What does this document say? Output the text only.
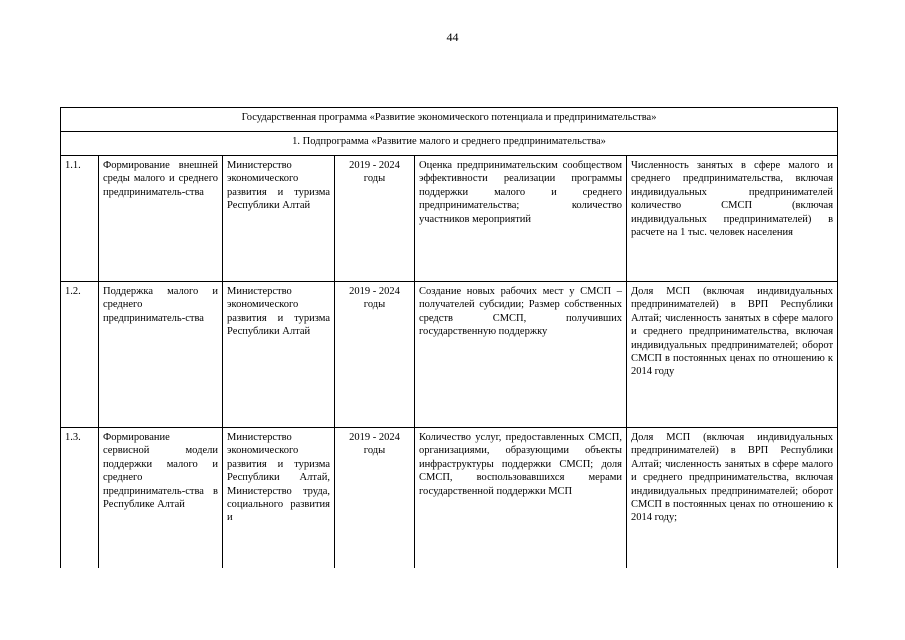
44
Государственная программа «Развитие экономического потенциала и предпринимательства»					
1. Подпрограмма «Развитие малого и среднего предпринимательства»					
1.1.	Формирование внешней среды малого и среднего предприниматель-ства	Министерство экономического развития и туризма Республики Алтай	2019 - 2024 годы	Оценка предпринимательским сообществом эффективности реализации программы поддержки малого и среднего предпринимательства; количество участников мероприятий	Численность занятых в сфере малого и среднего предпринимательства, включая индивидуальных предпринимателей количество СМСП (включая индивидуальных предпринимателей) в расчете на 1 тыс. человек населения
1.2.	Поддержка малого и среднего предприниматель-ства	Министерство экономического развития и туризма Республики Алтай	2019 - 2024 годы	Создание новых рабочих мест у СМСП – получателей субсидии; Размер собственных средств СМСП, получивших государственную поддержку	Доля МСП (включая индивидуальных предпринимателей) в ВРП Республики Алтай; численность занятых в сфере малого и среднего предпринимательства, включая индивидуальных предпринимателей; оборот СМСП в постоянных ценах по отношению к 2014 году
1.3.	Формирование сервисной модели поддержки малого и среднего предприниматель-ства в Республике Алтай	Министерство экономического развития и туризма Республики Алтай, Министерство труда, социального развития и	2019 - 2024 годы	Количество услуг, предоставленных СМСП, организациями, образующими объекты инфраструктуры поддержки СМСП; доля СМСП, воспользовавшихся мерами государственной поддержки МСП	Доля МСП (включая индивидуальных предпринимателей) в ВРП Республики Алтай; численность занятых в сфере малого и среднего предпринимательства, включая индивидуальных предпринимателей; оборот СМСП в постоянных ценах по отношению к 2014 году;
